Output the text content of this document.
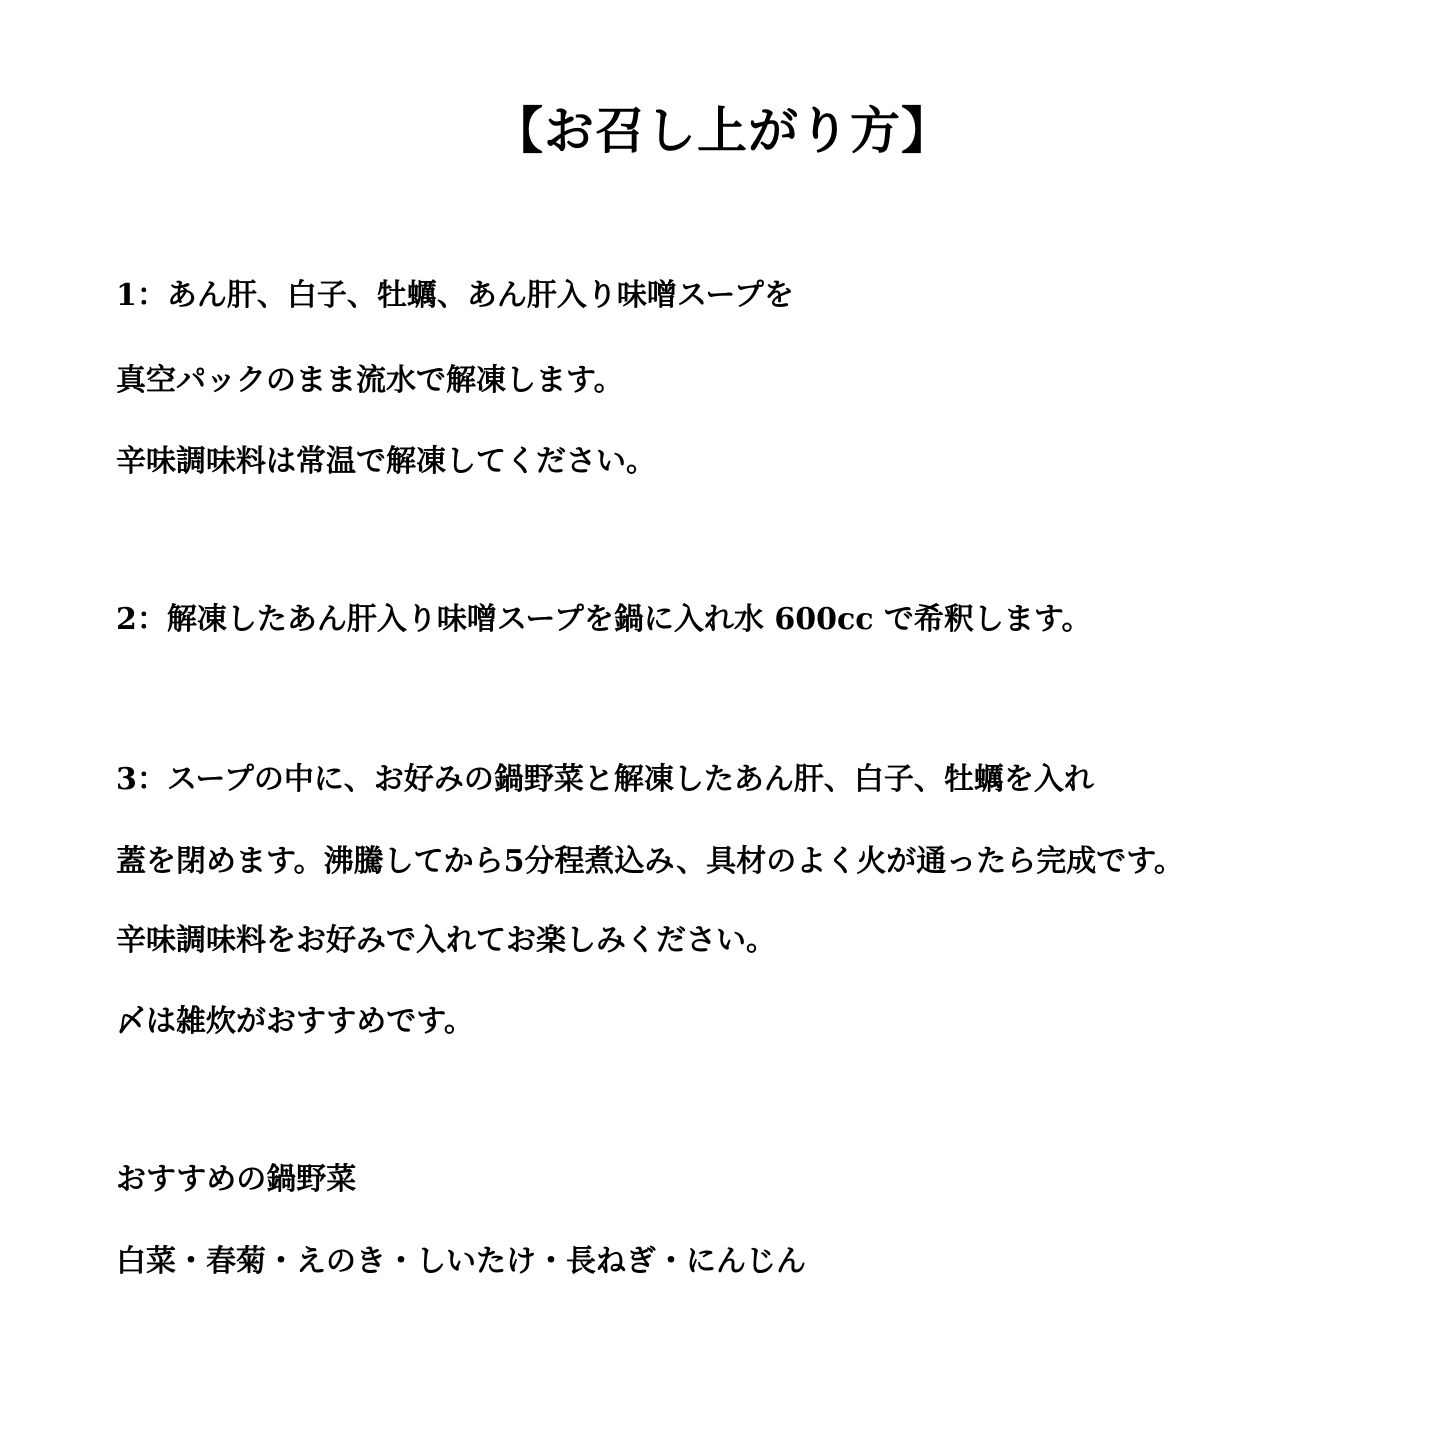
【お召し上がり方】
1：あん肝、白子、牡蠣、あん肝入り味噌スープを
真空パックのまま流水で解凍します。
辛味調味料は常温で解凍してください。
2：解凍したあん肝入り味噌スープを鍋に入れ水 600cc で希釈します。
3：スープの中に、お好みの鍋野菜と解凍したあん肝、白子、牡蠣を入れ
蓋を閉めます。沸騰してから5分程煮込み、具材のよく火が通ったら完成です。
辛味調味料をお好みで入れてお楽しみください。
〆は雑炊がおすすめです。
おすすめの鍋野菜
白菜・春菊・えのき・しいたけ・長ねぎ・にんじん
